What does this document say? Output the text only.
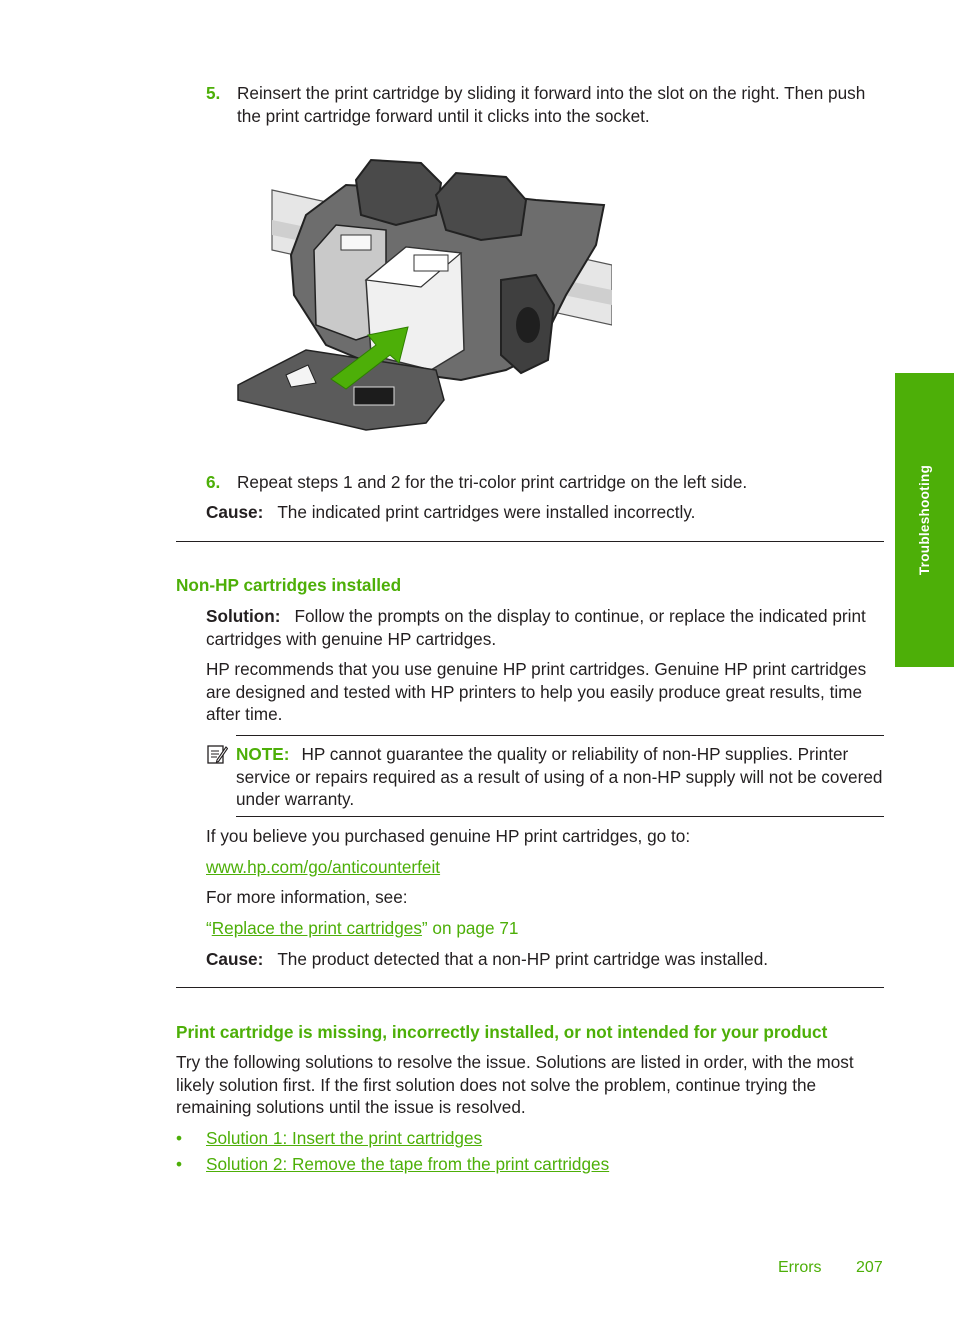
5. Reinsert the print cartridge by sliding it forward into the slot on the right. Then push the print cartridge forward until it clicks into the socket.

6. Repeat steps 1 and 2 for the tri-color print cartridge on the left side.

Cause: The indicated print cartridges were installed incorrectly.

Non-HP cartridges installed

Solution: Follow the prompts on the display to continue, or replace the indicated print cartridges with genuine HP cartridges.

HP recommends that you use genuine HP print cartridges. Genuine HP print cartridges are designed and tested with HP printers to help you easily produce great results, time after time.

NOTE: HP cannot guarantee the quality or reliability of non-HP supplies. Printer service or repairs required as a result of using of a non-HP supply will not be covered under warranty.

If you believe you purchased genuine HP print cartridges, go to:

www.hp.com/go/anticounterfeit

For more information, see:

“Replace the print cartridges” on page 71

Cause: The product detected that a non-HP print cartridge was installed.

Print cartridge is missing, incorrectly installed, or not intended for your product

Try the following solutions to resolve the issue. Solutions are listed in order, with the most likely solution first. If the first solution does not solve the problem, continue trying the remaining solutions until the issue is resolved.

• Solution 1: Insert the print cartridges

• Solution 2: Remove the tape from the print cartridges

Troubleshooting
Errors 207
